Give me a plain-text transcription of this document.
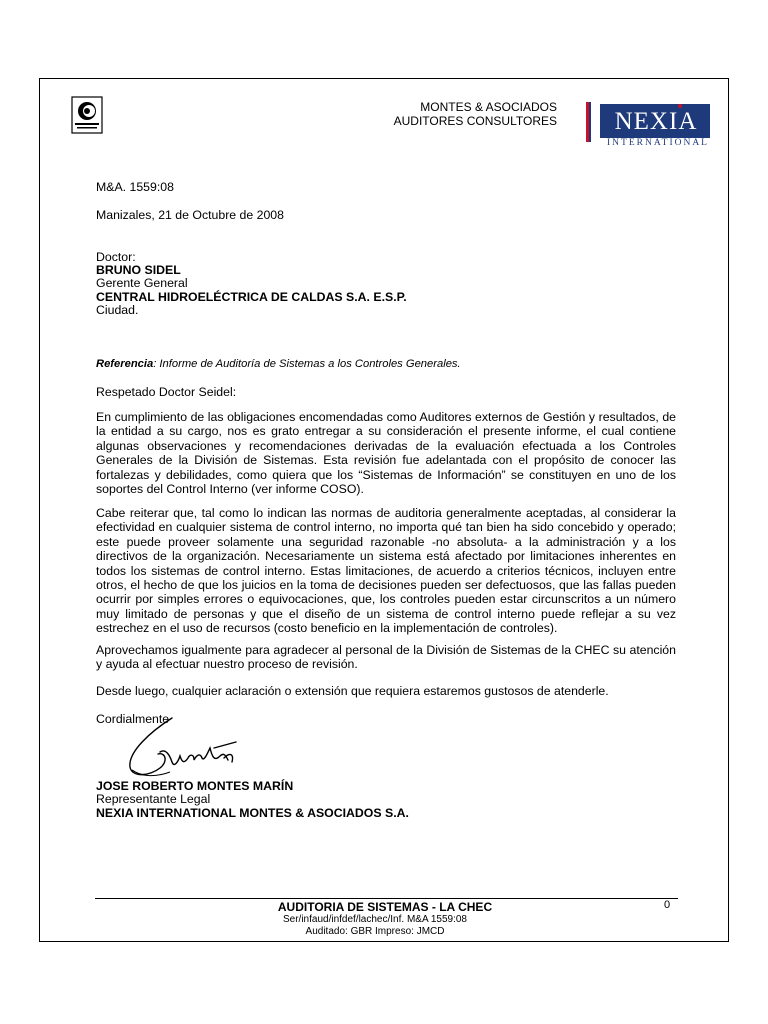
MONTES & ASOCIADOS
AUDITORES CONSULTORES	NEXIA
INTERNATIONAL
M&A. 1559:08
Manizales, 21 de Octubre de 2008
Doctor:
BRUNO SIDEL
Gerente General
CENTRAL HIDROELÉCTRICA DE CALDAS S.A. E.S.P.
Ciudad.
Referencia: Informe de Auditoría de Sistemas a los Controles Generales.
Respetado Doctor Seidel:

En cumplimiento de las obligaciones encomendadas como Auditores externos de Gestión y resultados, de la entidad a su cargo, nos es grato entregar a su consideración el presente informe, el cual contiene algunas observaciones y recomendaciones derivadas de la evaluación efectuada a los Controles Generales de la División de Sistemas. Esta revisión fue adelantada con el propósito de conocer las fortalezas y debilidades, como quiera que los “Sistemas de Información” se constituyen en uno de los soportes del Control Interno (ver informe COSO).

Cabe reiterar que, tal como lo indican las normas de auditoria generalmente aceptadas, al considerar la efectividad en cualquier sistema de control interno, no importa qué tan bien ha sido concebido y operado; este puede proveer solamente una seguridad razonable -no absoluta- a la administración y a los directivos de la organización. Necesariamente un sistema está afectado por limitaciones inherentes en todos los sistemas de control interno. Estas limitaciones, de acuerdo a criterios técnicos, incluyen entre otros, el hecho de que los juicios en la toma de decisiones pueden ser defectuosos, que las fallas pueden ocurrir por simples errores o equivocaciones, que, los controles pueden estar circunscritos a un número muy limitado de personas y que el diseño de un sistema de control interno puede reflejar a su vez estrechez en el uso de recursos (costo beneficio en la implementación de controles).

Aprovechamos igualmente para agradecer al personal de la División de Sistemas de la CHEC su atención y ayuda al efectuar nuestro proceso de revisión.

Desde luego, cualquier aclaración o extensión que requiera estaremos gustosos de atenderle.

Cordialmente
JOSE ROBERTO MONTES MARÍN
Representante Legal
NEXIA INTERNATIONAL MONTES & ASOCIADOS S.A.
AUDITORIA DE SISTEMAS - LA CHEC
Ser/infaud/infdef/lachec/Inf. M&A 1559:08
Auditado: GBR Impreso: JMCD
0
